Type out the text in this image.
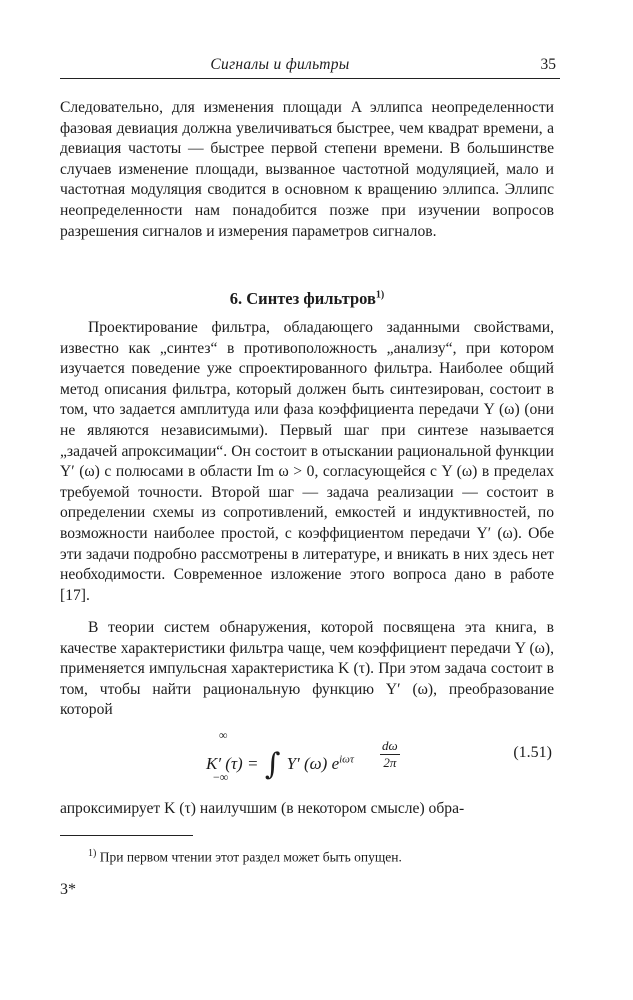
Сигналы и фильтры	35

Следовательно, для изменения площади A эллипса неопределенности фазовая девиация должна увеличиваться быстрее, чем квадрат времени, а девиация частоты — быстрее первой степени времени. В большинстве случаев изменение площади, вызванное частотной модуляцией, мало и частотная модуляция сводится в основном к вращению эллипса. Эллипс неопределенности нам понадобится позже при изучении вопросов разрешения сигналов и измерения параметров сигналов.

6. Синтез фильтров$^{1)}$

Проектирование фильтра, обладающего заданными свойствами, известно как „синтез“ в противоположность „анализу“, при котором изучается поведение уже спроектированного фильтра. Наиболее общий метод описания фильтра, который должен быть синтезирован, состоит в том, что задается амплитуда или фаза коэффициента передачи Y (ω) (они не являются независимыми). Первый шаг при синтезе называется „задачей апроксимации“. Он состоит в отыскании рациональной функции Y′ (ω) с полюсами в области Im ω > 0, согласующейся с Y (ω) в пределах требуемой точности. Второй шаг — задача реализации — состоит в определении схемы из сопротивлений, емкостей и индуктивностей, по возможности наиболее простой, с коэффициентом передачи Y′ (ω). Обе эти задачи подробно рассмотрены в литературе, и вникать в них здесь нет необходимости. Современное изложение этого вопроса дано в работе [17].

В теории систем обнаружения, которой посвящена эта книга, в качестве характеристики фильтра чаще, чем коэффициент передачи Y (ω), применяется импульсная характеристика K (τ). При этом задача состоит в том, чтобы найти рациональную функцию Y′ (ω), преобразование которой

∞
K′ (τ) = ∫ Y′ (ω) $e^{i\omega\tau}$
−∞
$\frac{d\omega}{2\pi}$	(1.51)

апроксимирует K (τ) наилучшим (в некотором смысле) обра-

$^{1)}$ При первом чтении этот раздел может быть опущен.
3*
